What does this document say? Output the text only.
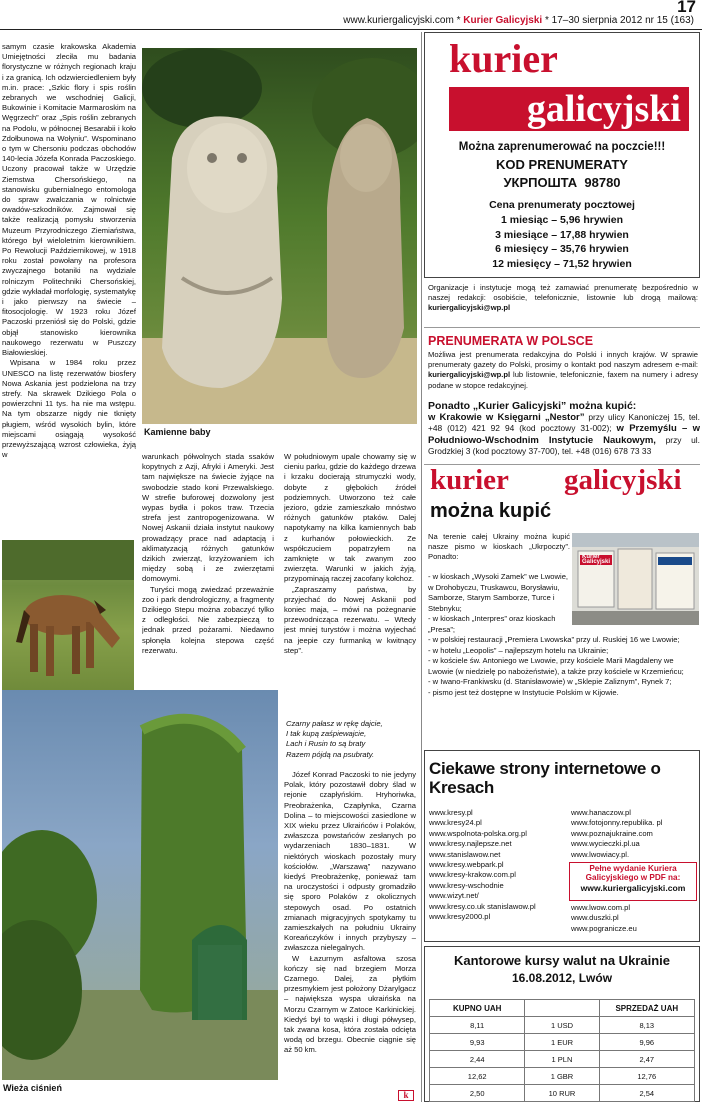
17
www.kuriergalicyjski.com * Kurier Galicyjski * 17–30 sierpnia 2012 nr 15 (163)

samym czasie krakowska Akademia Umiejętności zleciła mu badania florystyczne w różnych regionach kraju i za granicą. Ich odzwierciedleniem były m.in. prace: „Szkic flory i spis roślin zebranych we wschodniej Galicji, Bukowinie i Komitacie Marmaroskim na Węgrzech” oraz „Spis roślin zebranych na Podolu, w północnej Besarabii i koło Zdołbunowa na Wołyniu”. Wspominano o tym w Chersoniu podczas obchodów 140-lecia Józefa Konrada Paczoskiego. Uczony pracował także w Urzędzie Ziemstwa Chersońskiego, na stanowisku gubernialnego entomologa do spraw zwalczania w rolnictwie owadów-szkodników. Zajmował się także realizacją pomysłu stworzenia Muzeum Przyrodniczego Ziemiaństwa, którego był wieloletnim kierownikiem. Po Rewolucji Październikowej, w 1918 roku został powołany na profesora zwyczajnego botaniki na wydziale rolniczym Politechniki Chersońskiej, gdzie wykładał morfologię, systematykę i jako pierwszy na świecie – fitosocjologię. W 1923 roku Józef Paczoski przeniósł się do Polski, gdzie objął stanowisko kierownika naukowego rezerwatu w Puszczy Białowieskiej.

Wpisana w 1984 roku przez UNESCO na listę rezerwatów biosfery Nowa Askania jest podzielona na trzy strefy. Na skrawek Dzikiego Pola o powierzchni 11 tys. ha nie ma wstępu. Na tym obszarze nigdy nie tknięty pługiem, wśród wysokich bylin, które miejscami osiągają wysokość przewyższającą wzrost człowieka, żyją w

Kamienne baby

warunkach półwolnych stada ssaków kopytnych z Azji, Afryki i Ameryki. Jest tam największe na świecie żyjące na swobodzie stado koni Przewalskiego. W strefie buforowej dozwolony jest wypas bydła i pokos traw. Trzecia strefa jest zantropogenizowana. W Nowej Askanii działa instytut naukowy prowadzący prace nad adaptacją i aklimatyzacją różnych gatunków dzikich zwierząt, krzyżowaniem ich między sobą i ze zwierzętami domowymi.

Turyści mogą zwiedzać przeważnie zoo i park dendrologiczny, a fragmenty Dzikiego Stepu można zobaczyć tylko z odległości. Nie zabezpieczą to jednak przed pożarami. Niedawno spłonęła kolejna stepowa część rezerwatu.

Wieża ciśnień

W południowym upale chowamy się w cieniu parku, gdzie do każdego drzewa i krzaku docierają strumyczki wody, dobyte z głębokich źródeł podziemnych. Utworzono też całe jezioro, gdzie zamieszkało mnóstwo różnych gatunków ptaków. Dalej napotykamy na kilka kamiennych bab z kurhanów połowieckich. Ze współczuciem popatrzyłem na zamknięte w tak zwanym zoo zwierzęta. Warunki w jakich żyją, przypominają raczej zacofany kołchoz.

„Zapraszamy państwa, by przyjechać do Nowej Askanii pod koniec maja, – mówi na pożegnanie przewodnicząca rezerwatu. – Wtedy jest mniej turystów i można wyjechać na jeepie czy furmanką w kwitnący step”.

Czarny pałasz w rękę dajcie,
I tak kupą zaśpiewajcie,
Lach i Rusin to są braty
Razem pójdą na psubraty.

Józef Konrad Paczoski to nie jedyny Polak, który pozostawił dobry ślad w rejonie czapłyńskim. Hryhoriwka, Preobrażenka, Czapłynka, Czarna Dolina – to miejscowości zasiedlone w XIX wieku przez Ukraińców i Polaków, zwłaszcza powstańców zesłanych po wydarzeniach 1830–1831. W niektórych wioskach pozostały mury kościołów. „Warszawą” nazywano kiedyś Preobrażenkę, ponieważ tam na uroczystości i odpusty gromadziło się sporo Polaków z okolicznych stepowych osad. Po ostatnich zmianach migracyjnych spotykamy tu zamieszkałych na południu Ukrainy Koreańczyków i innych przybyszy – zwłaszcza nielegalnych.

W Łazurnym asfaltowa szosa kończy się nad brzegiem Morza Czarnego. Dalej, za płytkim przesmykiem jest położony Dżarylgacz – największa wyspa ukraińska na Morzu Czarnym w Zatoce Karkinickiej. Kiedyś był to wąski i długi półwysep, tak zwana kosa, która została odcięta wodą od brzegu. Obecnie ciągnie się aż 50 km.

k
kurier
galicyjski
Można zaprenumerować na poczcie!!!
KOD PRENUMERATY
УКРПОШТА  98780
Cena prenumeraty pocztowej
1 miesiąc – 5,96 hrywien
3 miesiące – 17,88 hrywien
6 miesięcy – 35,76 hrywien
12 miesięcy – 71,52 hrywien
Organizacje i instytucje mogą też zamawiać prenumeratę bezpośrednio w naszej redakcji: osobiście, telefonicznie, listownie lub drogą mailową: kuriergalicyjski@wp.pl
PRENUMERATA W POLSCE
Możliwa jest prenumerata redakcyjna do Polski i innych krajów. W sprawie prenumeraty gazety do Polski, prosimy o kontakt pod naszym adresem e-mail: kuriergalicyjski@wp.pl lub listownie, telefonicznie, faxem na numery i adresy podane w stopce redakcyjnej.
Ponadto „Kurier Galicyjski” można kupić:
w Krakowie w Księgarni „Nestor” przy ulicy Kanoniczej 15, tel. +48 (012) 421 92 94 (kod pocztowy 31-002); w Przemyślu – w Południowo-Wschodnim Instytucie Naukowym, przy ul. Grodzkiej 3 (kod pocztowy 37-700), tel. +48 (016) 678 73 33
kurier galicyjski
można kupić
Kurier Galicyjski
Na terenie całej Ukrainy można kupić nasze pismo w kioskach „Ukrpoczty”. Ponadto:
- w kioskach „Wysoki Zamek” we Lwowie, w Drohobyczu, Truskawcu, Borysławiu, Samborze, Starym Samborze, Turce i Stebnyku;
- w kioskach „Interpres” oraz kioskach „Presa”;
- w polskiej restauracji „Premiera Lwowska” przy ul. Ruskiej 16 we Lwowie;
- w hotelu „Leopolis” – najlepszym hotelu na Ukrainie;
- w kościele św. Antoniego we Lwowie, przy kościele Marii Magdaleny we Lwowie (w niedzielę po nabożeństwie), a także przy kościele w Krzemieńcu;
- w Iwano-Frankiwsku (d. Stanisławowie) w „Sklepie Zaliznym”, Rynek 7;
- pismo jest też dostępne w Instytucie Polskim w Kijowie.
Ciekawe strony internetowe o Kresach
www.kresy.pl
www.kresy24.pl
www.wspolnota-polska.org.pl
www.kresy.najlepsze.net
www.stanislawow.net
www.kresy.webpark.pl
www.kresy-krakow.com.pl
www.kresy-wschodnie
www.wizyt.net/
www.kresy.co.uk stanislawow.pl
www.kresy2000.pl
www.hanaczow.pl
www.fotojonny.republika. pl
www.poznajukraine.com
www.wycieczki.pl.ua
www.lwowiacy.pl.
Pełne wydanie Kuriera Galicyjskiego w PDF na:
www.kuriergalicyjski.com
www.lwow.com.pl
www.duszki.pl
www.pogranicze.eu
Kantorowe kursy walut na Ukrainie
16.08.2012, Lwów
KUPNO UAH		SPRZEDAŻ UAH
8,11	1 USD	8,13
9,93	1 EUR	9,96
2,44	1 PLN	2,47
12,62	1 GBR	12,76
2,50	10 RUR	2,54
